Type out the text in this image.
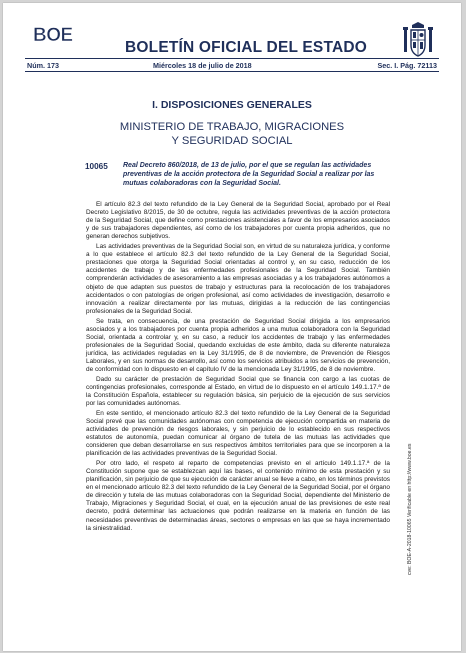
BOE
BOLETÍN OFICIAL DEL ESTADO
Núm. 173	Miércoles 18 de julio de 2018	Sec. I. Pág. 72113
I. DISPOSICIONES GENERALES
MINISTERIO DE TRABAJO, MIGRACIONES
Y SEGURIDAD SOCIAL
10065 Real Decreto 860/2018, de 13 de julio, por el que se regulan las actividades preventivas de la acción protectora de la Seguridad Social a realizar por las mutuas colaboradoras con la Seguridad Social.

El artículo 82.3 del texto refundido de la Ley General de la Seguridad Social, aprobado por el Real Decreto Legislativo 8/2015, de 30 de octubre, regula las actividades preventivas de la acción protectora de la Seguridad Social, que define como prestaciones asistenciales a favor de los empresarios asociados y de sus trabajadores dependientes, así como de los trabajadores por cuenta propia adheridos, que no generan derechos subjetivos.

Las actividades preventivas de la Seguridad Social son, en virtud de su naturaleza jurídica, y conforme a lo que establece el artículo 82.3 del texto refundido de la Ley General de la Seguridad Social, prestaciones que otorga la Seguridad Social orientadas al control y, en su caso, reducción de los accidentes de trabajo y de las enfermedades profesionales de la Seguridad Social. También comprenderán actividades de asesoramiento a las empresas asociadas y a los trabajadores autónomos a objeto de que adapten sus puestos de trabajo y estructuras para la recolocación de los trabajadores accidentados o con patologías de origen profesional, así como actividades de investigación, desarrollo e innovación a realizar directamente por las mutuas, dirigidas a la reducción de las contingencias profesionales de la Seguridad Social.

Se trata, en consecuencia, de una prestación de Seguridad Social dirigida a los empresarios asociados y a los trabajadores por cuenta propia adheridos a una mutua colaboradora con la Seguridad Social, orientada a controlar y, en su caso, a reducir los accidentes de trabajo y las enfermedades profesionales de la Seguridad Social, quedando excluidas de este ámbito, dada su diferente naturaleza jurídica, las actividades reguladas en la Ley 31/1995, de 8 de noviembre, de Prevención de Riesgos Laborales, y en sus normas de desarrollo, así como los servicios atribuidos a los servicios de prevención, de conformidad con lo dispuesto en el capítulo IV de la mencionada Ley 31/1995, de 8 de noviembre.

Dado su carácter de prestación de Seguridad Social que se financia con cargo a las cuotas de contingencias profesionales, corresponde al Estado, en virtud de lo dispuesto en el artículo 149.1.17.ª de la Constitución Española, establecer su regulación básica, sin perjuicio de la ejecución de sus servicios por las comunidades autónomas.

En este sentido, el mencionado artículo 82.3 del texto refundido de la Ley General de la Seguridad Social prevé que las comunidades autónomas con competencia de ejecución compartida en materia de actividades de prevención de riesgos laborales, y sin perjuicio de lo establecido en sus respectivos estatutos de autonomía, puedan comunicar al órgano de tutela de las mutuas las actividades que consideren que deban desarrollarse en sus respectivos ámbitos territoriales para que se incorporen a la planificación de las actividades preventivas de la Seguridad Social.

Por otro lado, el respeto al reparto de competencias previsto en el artículo 149.1.17.ª de la Constitución supone que se establezcan aquí las bases, el contenido mínimo de esta prestación y su planificación, sin perjuicio de que su ejecución de carácter anual se lleve a cabo, en los términos previstos en el mencionado artículo 82.3 del texto refundido de la Ley General de la Seguridad Social, por el órgano de dirección y tutela de las mutuas colaboradoras con la Seguridad Social, dependiente del Ministerio de Trabajo, Migraciones y Seguridad Social, el cual, en la ejecución anual de las previsiones de este real decreto, podrá determinar las actuaciones que podrán realizarse en la materia en función de las necesidades preventivas de determinadas áreas, sectores o empresas en las que se haya incrementado la siniestralidad.	cve: BOE-A-2018-10065 Verificable en http://www.boe.es
